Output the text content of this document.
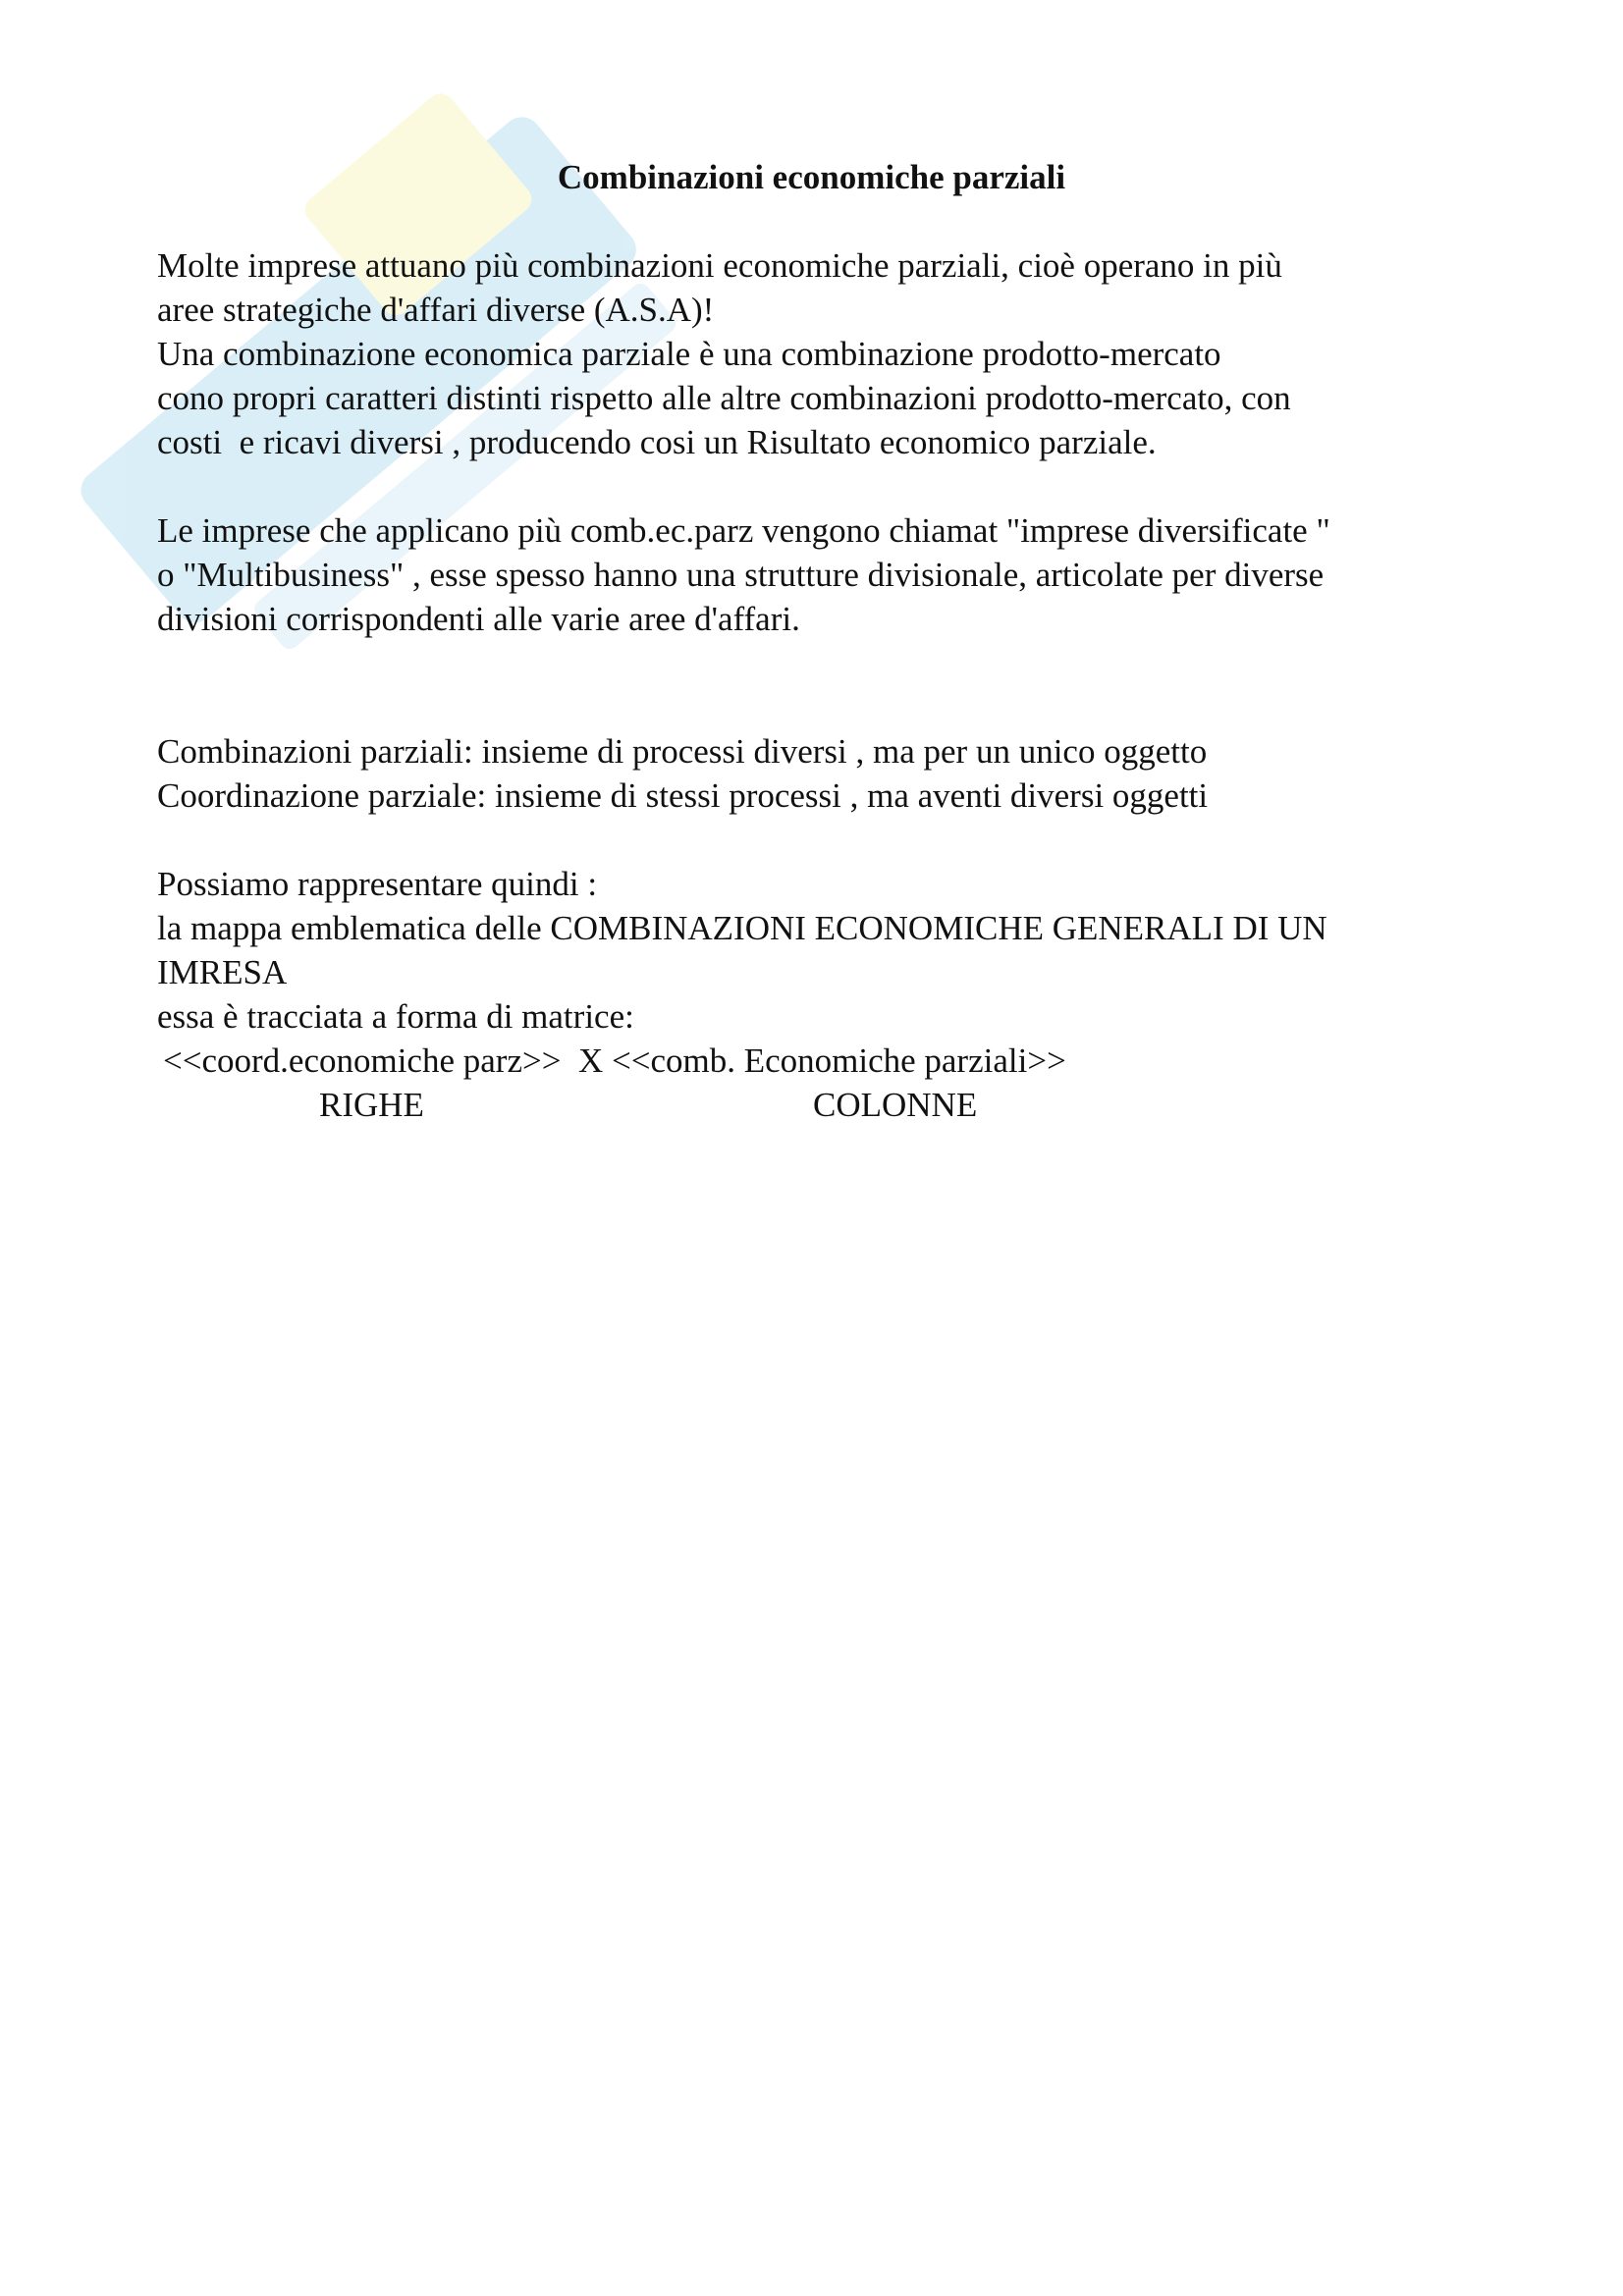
Combinazioni economiche parziali

Molte imprese attuano più combinazioni economiche parziali, cioè operano in più

aree strategiche d'affari diverse (A.S.A)!

Una combinazione economica parziale è una combinazione prodotto-mercato

cono propri caratteri distinti rispetto alle altre combinazioni prodotto-mercato, con

costi  e ricavi diversi , producendo cosi un Risultato economico parziale.

Le imprese che applicano più comb.ec.parz vengono chiamat "imprese diversificate "

o "Multibusiness" , esse spesso hanno una strutture divisionale, articolate per diverse

divisioni corrispondenti alle varie aree d'affari.

Combinazioni parziali: insieme di processi diversi , ma per un unico oggetto

Coordinazione parziale: insieme di stessi processi , ma aventi diversi oggetti

Possiamo rappresentare quindi :

la mappa emblematica delle COMBINAZIONI ECONOMICHE GENERALI DI UN

IMRESA

essa è tracciata a forma di matrice:

<<coord.economiche parz>>  X <<comb. Economiche parziali>>

RIGHE	COLONNE
